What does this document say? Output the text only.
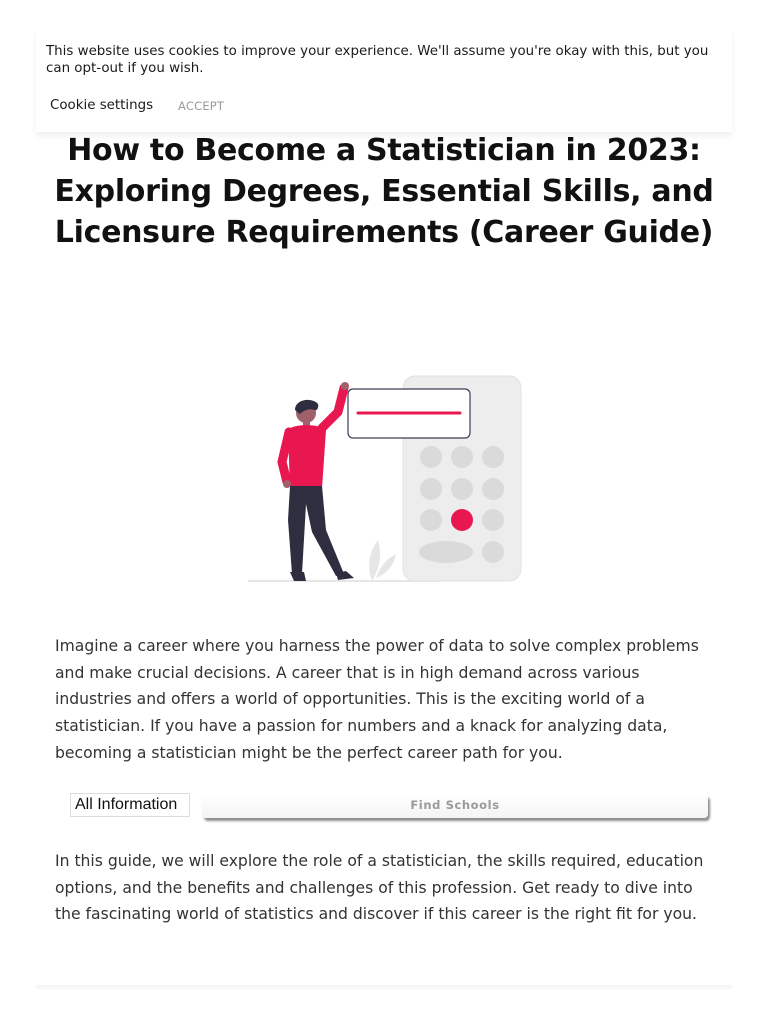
This website uses cookies to improve your experience. We'll assume you're okay with this, but you can opt-out if you wish.
Cookie settings ACCEPT
How to Become a Statistician in 2023: Exploring Degrees, Essential Skills, and Licensure Requirements (Career Guide)

Imagine a career where you harness the power of data to solve complex problems and make crucial decisions. A career that is in high demand across various industries and offers a world of opportunities. This is the exciting world of a statistician. If you have a passion for numbers and a knack for analyzing data, becoming a statistician might be the perfect career path for you.

All Information	Find Schools

In this guide, we will explore the role of a statistician, the skills required, education options, and the benefits and challenges of this profession. Get ready to dive into the fascinating world of statistics and discover if this career is the right fit for you.
